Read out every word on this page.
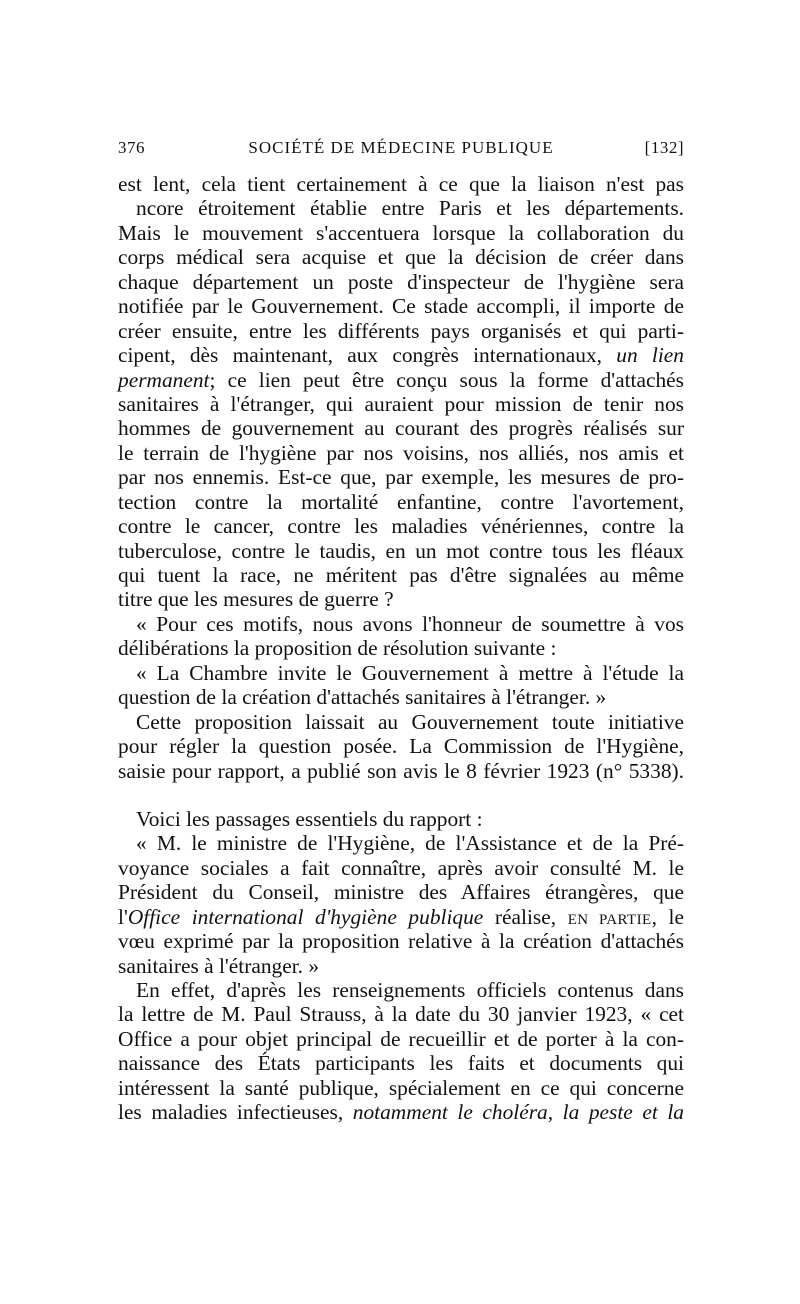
376	SOCIÉTÉ DE MÉDECINE PUBLIQUE	[132]
est lent, cela tient certainement à ce que la liaison n'est pas
ncore étroitement établie entre Paris et les départements.
Mais le mouvement s'accentuera lorsque la collaboration du
corps médical sera acquise et que la décision de créer dans
chaque département un poste d'inspecteur de l'hygiène sera
notifiée par le Gouvernement. Ce stade accompli, il importe de
créer ensuite, entre les différents pays organisés et qui parti-
cipent, dès maintenant, aux congrès internationaux, un lien
permanent; ce lien peut être conçu sous la forme d'attachés
sanitaires à l'étranger, qui auraient pour mission de tenir nos
hommes de gouvernement au courant des progrès réalisés sur
le terrain de l'hygiène par nos voisins, nos alliés, nos amis et
par nos ennemis. Est-ce que, par exemple, les mesures de pro-
tection contre la mortalité enfantine, contre l'avortement,
contre le cancer, contre les maladies vénériennes, contre la
tuberculose, contre le taudis, en un mot contre tous les fléaux
qui tuent la race, ne méritent pas d'être signalées au même
titre que les mesures de guerre ?
« Pour ces motifs, nous avons l'honneur de soumettre à vos
délibérations la proposition de résolution suivante :
« La Chambre invite le Gouvernement à mettre à l'étude la
question de la création d'attachés sanitaires à l'étranger. »
Cette proposition laissait au Gouvernement toute initiative
pour régler la question posée. La Commission de l'Hygiène,
saisie pour rapport, a publié son avis le 8 février 1923 (n° 5338).
Voici les passages essentiels du rapport :
« M. le ministre de l'Hygiène, de l'Assistance et de la Pré-
voyance sociales a fait connaître, après avoir consulté M. le
Président du Conseil, ministre des Affaires étrangères, que
l'Office international d'hygiène publique réalise, EN PARTIE, le
vœu exprimé par la proposition relative à la création d'attachés
sanitaires à l'étranger. »
En effet, d'après les renseignements officiels contenus dans
la lettre de M. Paul Strauss, à la date du 30 janvier 1923, « cet
Office a pour objet principal de recueillir et de porter à la con-
naissance des États participants les faits et documents qui
intéressent la santé publique, spécialement en ce qui concerne
les maladies infectieuses, notamment le choléra, la peste et la
